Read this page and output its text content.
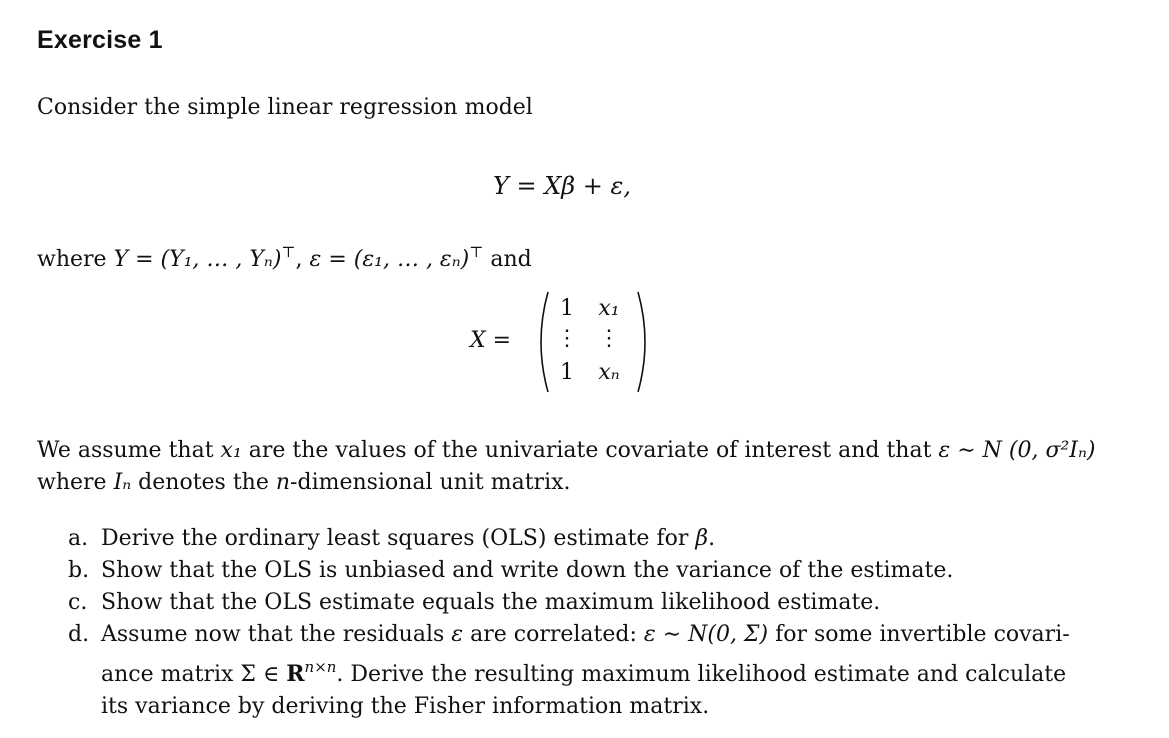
Exercise 1
Consider the simple linear regression model
Y = Xβ + ε,
where Y = (Y₁, … , Yₙ)⊤, ε = (ε₁, … , εₙ)⊤ and
X =
1	x₁
⋮ ⋮
1	xₙ
We assume that x₁ are the values of the univariate covariate of interest and that ε ∼ N (0, σ²Iₙ)
where Iₙ denotes the n-dimensional unit matrix.
a. Derive the ordinary least squares (OLS) estimate for β.
b. Show that the OLS is unbiased and write down the variance of the estimate.
c. Show that the OLS estimate equals the maximum likelihood estimate.
d. Assume now that the residuals ε are correlated: ε ∼ N(0, Σ) for some invertible covari-
ance matrix Σ ∈ $R^{n\times n}$. Derive the resulting maximum likelihood estimate and calculate
its variance by deriving the Fisher information matrix.
